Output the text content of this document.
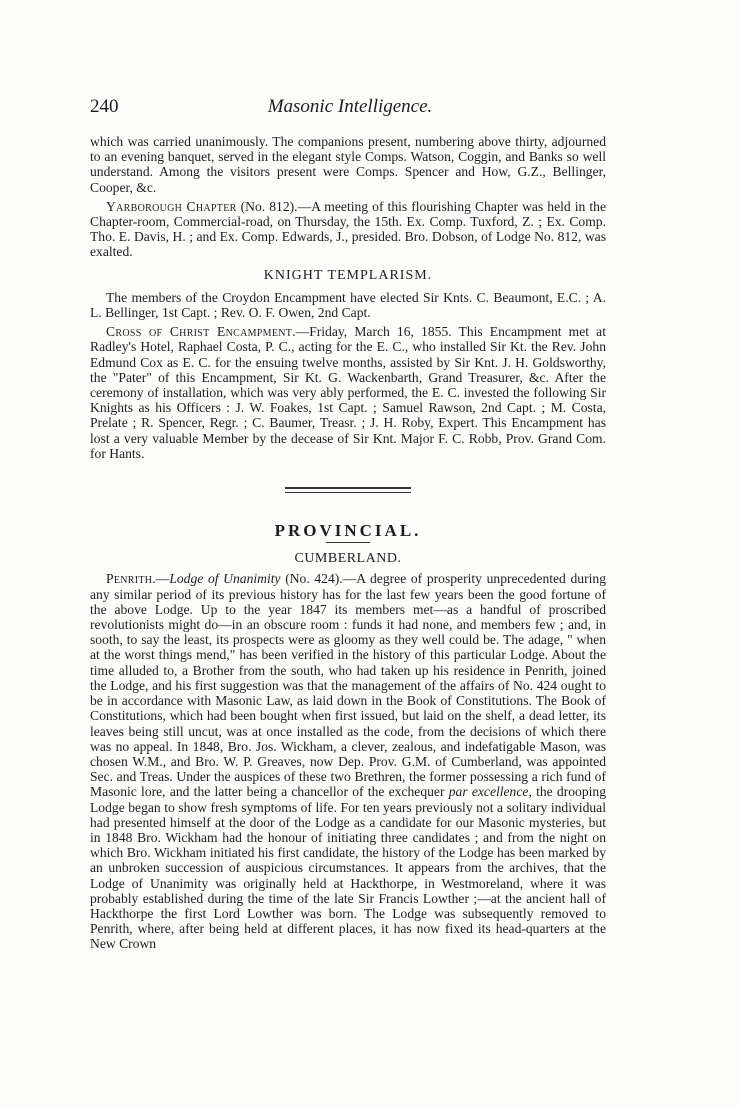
240	Masonic Intelligence.

which was carried unanimously. The companions present, numbering above thirty, adjourned to an evening banquet, served in the elegant style Comps. Watson, Coggin, and Banks so well understand. Among the visitors present were Comps. Spencer and How, G.Z., Bellinger, Cooper, &c.

Yarborough Chapter (No. 812).—A meeting of this flourishing Chapter was held in the Chapter-room, Commercial-road, on Thursday, the 15th. Ex. Comp. Tuxford, Z. ; Ex. Comp. Tho. E. Davis, H. ; and Ex. Comp. Edwards, J., presided. Bro. Dobson, of Lodge No. 812, was exalted.

KNIGHT TEMPLARISM.

The members of the Croydon Encampment have elected Sir Knts. C. Beaumont, E.C. ; A. L. Bellinger, 1st Capt. ; Rev. O. F. Owen, 2nd Capt.

Cross of Christ Encampment.—Friday, March 16, 1855. This Encampment met at Radley's Hotel, Raphael Costa, P. C., acting for the E. C., who installed Sir Kt. the Rev. John Edmund Cox as E. C. for the ensuing twelve months, assisted by Sir Knt. J. H. Goldsworthy, the "Pater" of this Encampment, Sir Kt. G. Wackenbarth, Grand Treasurer, &c. After the ceremony of installation, which was very ably performed, the E. C. invested the following Sir Knights as his Officers : J. W. Foakes, 1st Capt. ; Samuel Rawson, 2nd Capt. ; M. Costa, Prelate ; R. Spencer, Regr. ; C. Baumer, Treasr. ; J. H. Roby, Expert. This Encampment has lost a very valuable Member by the decease of Sir Knt. Major F. C. Robb, Prov. Grand Com. for Hants.

PROVINCIAL.
CUMBERLAND.

Penrith.—Lodge of Unanimity (No. 424).—A degree of prosperity unprecedented during any similar period of its previous history has for the last few years been the good fortune of the above Lodge. Up to the year 1847 its members met—as a handful of proscribed revolutionists might do—in an obscure room : funds it had none, and members few ; and, in sooth, to say the least, its prospects were as gloomy as they well could be. The adage, " when at the worst things mend," has been verified in the history of this particular Lodge. About the time alluded to, a Brother from the south, who had taken up his residence in Penrith, joined the Lodge, and his first suggestion was that the management of the affairs of No. 424 ought to be in accordance with Masonic Law, as laid down in the Book of Constitutions. The Book of Constitutions, which had been bought when first issued, but laid on the shelf, a dead letter, its leaves being still uncut, was at once installed as the code, from the decisions of which there was no appeal. In 1848, Bro. Jos. Wickham, a clever, zealous, and indefatigable Mason, was chosen W.M., and Bro. W. P. Greaves, now Dep. Prov. G.M. of Cumberland, was appointed Sec. and Treas. Under the auspices of these two Brethren, the former possessing a rich fund of Masonic lore, and the latter being a chancellor of the exchequer par excellence, the drooping Lodge began to show fresh symptoms of life. For ten years previously not a solitary individual had presented himself at the door of the Lodge as a candidate for our Masonic mysteries, but in 1848 Bro. Wickham had the honour of initiating three candidates ; and from the night on which Bro. Wickham initiated his first candidate, the history of the Lodge has been marked by an unbroken succession of auspicious circumstances. It appears from the archives, that the Lodge of Unanimity was originally held at Hackthorpe, in Westmoreland, where it was probably established during the time of the late Sir Francis Lowther ;—at the ancient hall of Hackthorpe the first Lord Lowther was born. The Lodge was subsequently removed to Penrith, where, after being held at different places, it has now fixed its head-quarters at the New Crown
